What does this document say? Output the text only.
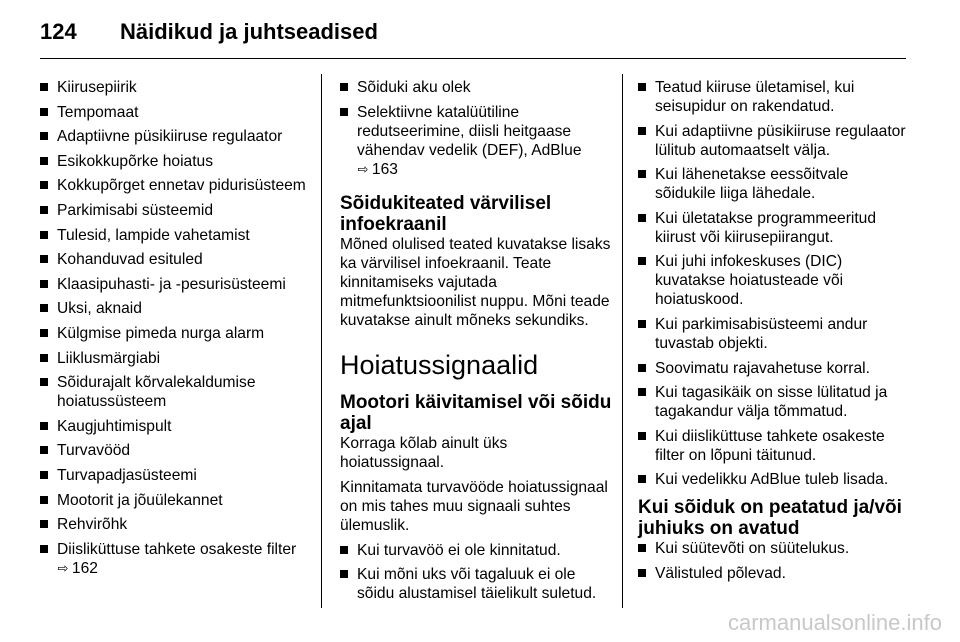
124	Näidikud ja juhtseadised
Kiirusepiirik
Tempomaat
Adaptiivne püsikiiruse regulaator
Esikokkupõrke hoiatus
Kokkupõrget ennetav pidurisüsteem
Parkimisabi süsteemid
Tulesid, lampide vahetamist
Kohanduvad esituled
Klaasipuhasti- ja -pesurisüsteemi
Uksi, aknaid
Külgmise pimeda nurga alarm
Liiklusmärgiabi
Sõidurajalt kõrvalekaldumise hoiatussüsteem
Kaugjuhtimispult
Turvavööd
Turvapadjasüsteemi
Mootorit ja jõuülekannet
Rehvirõhk
Diisliküttuse tahkete osakeste filter
⇧ 162
Sõiduki aku olek
Selektiivne katalüütiline redutseerimine, diisli heitgaase vähendav vedelik (DEF), AdBlue
⇧ 163
Sõidukiteated värvilisel infoekraanil

Mõned olulised teated kuvatakse lisaks ka värvilisel infoekraanil. Teate kinnitamiseks vajutada mitmefunktsioonilist nuppu. Mõni teade kuvatakse ainult mõneks sekundiks.

Hoiatussignaalid
Mootori käivitamisel või sõidu ajal

Korraga kõlab ainult üks hoiatussignaal.

Kinnitamata turvavööde hoiatussignaal on mis tahes muu signaali suhtes ülemuslik.

Kui turvavöö ei ole kinnitatud.
Kui mõni uks või tagaluuk ei ole sõidu alustamisel täielikult suletud.
Teatud kiiruse ületamisel, kui seisupidur on rakendatud.
Kui adaptiivne püsikiiruse regulaator lülitub automaatselt välja.
Kui lähenetakse eessõitvale sõidukile liiga lähedale.
Kui ületatakse programmeeritud kiirust või kiirusepiirangut.
Kui juhi infokeskuses (DIC) kuvatakse hoiatusteade või hoiatuskood.
Kui parkimisabisüsteemi andur tuvastab objekti.
Soovimatu rajavahetuse korral.
Kui tagasikäik on sisse lülitatud ja tagakandur välja tõmmatud.
Kui diisliküttuse tahkete osakeste filter on lõpuni täitunud.
Kui vedelikku AdBlue tuleb lisada.
Kui sõiduk on peatatud ja/või juhiuks on avatud
Kui süütevõti on süütelukus.
Välistuled põlevad.
carmanualsonline.info
